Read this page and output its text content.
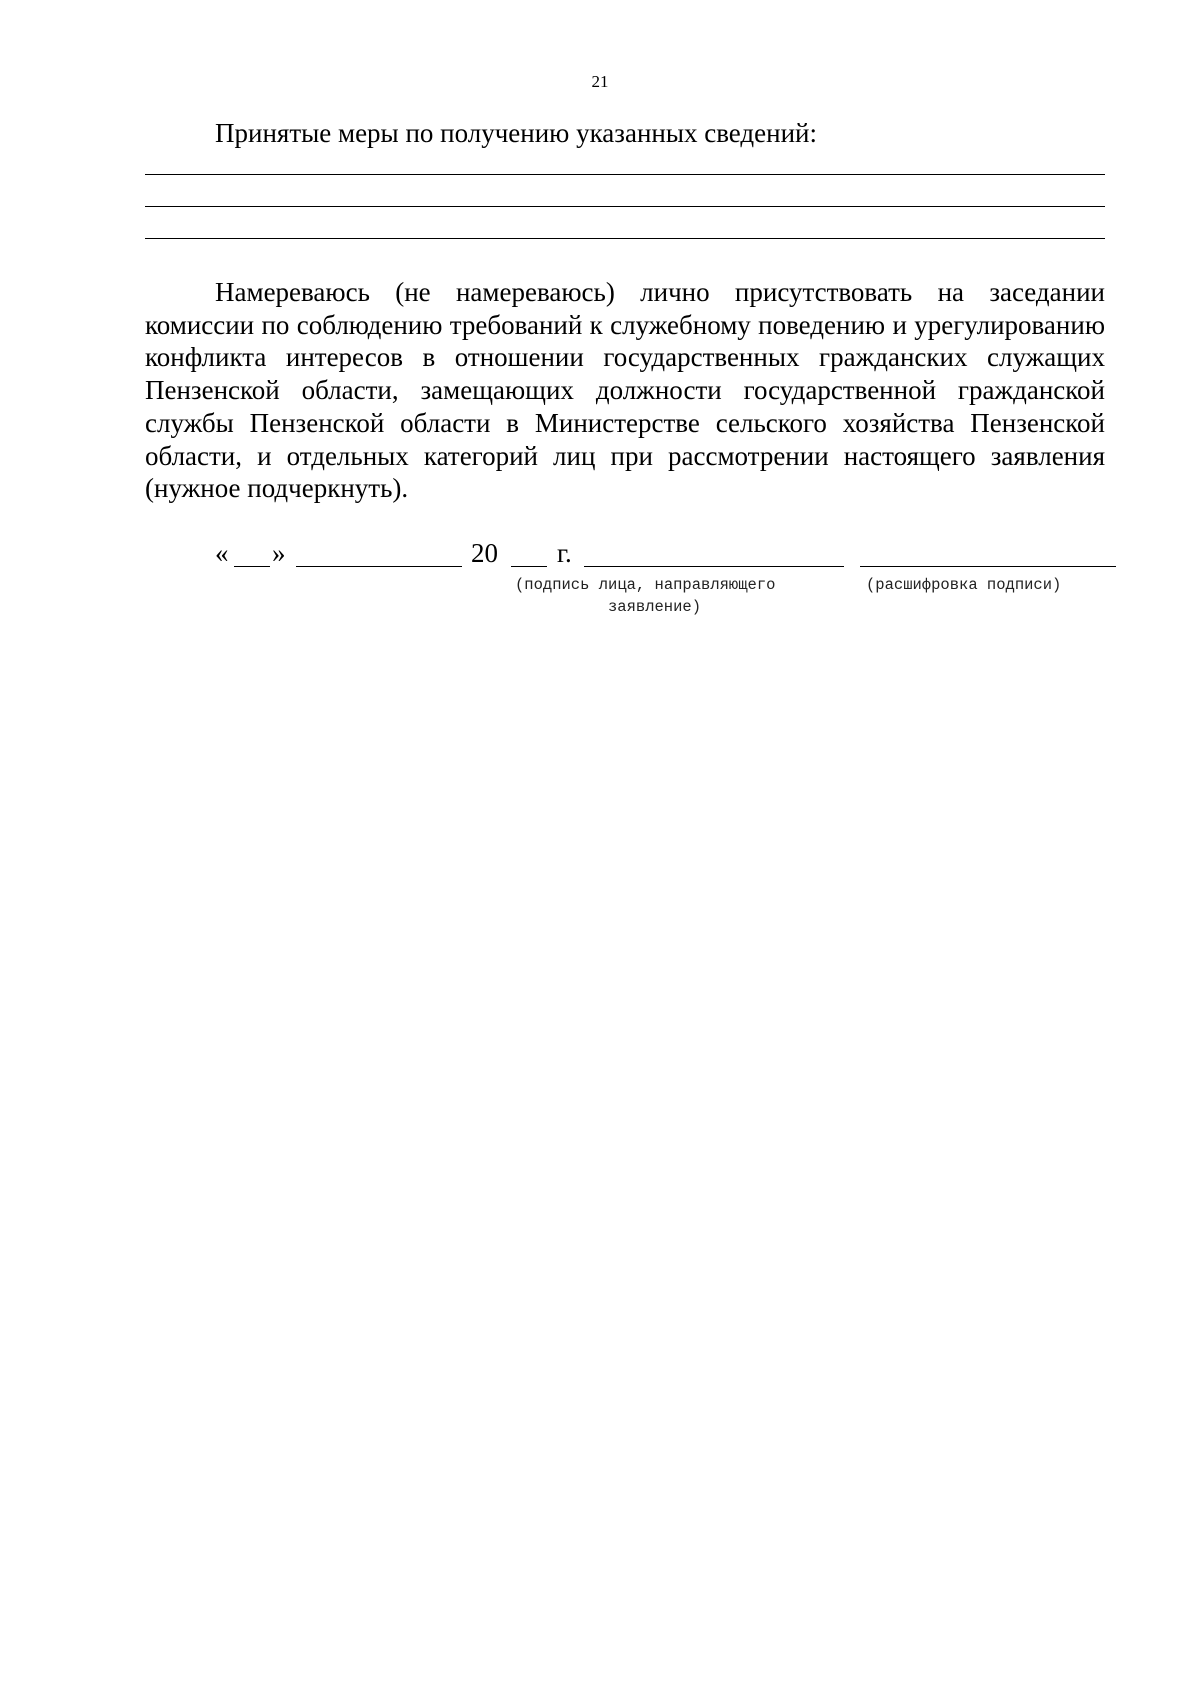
21
Принятые меры по получению указанных сведений:

Намереваюсь (не намереваюсь) лично присутствовать на заседании комиссии по соблюдению требований к служебному поведению и урегулированию конфликта интересов в отношении государственных гражданских служащих Пензенской области, замещающих должности государственной гражданской службы Пензенской области в Министерстве сельского хозяйства Пензенской области, и отдельных категорий лиц при рассмотрении настоящего заявления (нужное подчеркнуть).

« »	20 г.
(подпись лица, направляющего
заявление)
(расшифровка подписи)
